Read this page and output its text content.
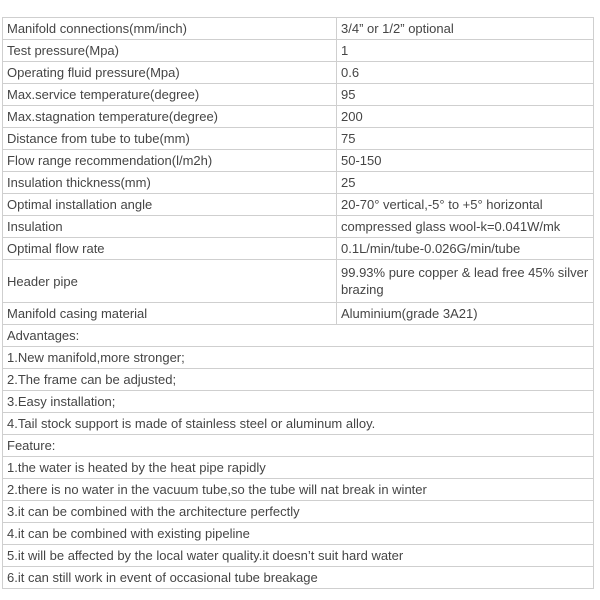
Manifold connections(mm/inch)	3/4” or 1/2” optional
Test pressure(Mpa)	1
Operating fluid pressure(Mpa)	0.6
Max.service temperature(degree)	95
Max.stagnation temperature(degree)	200
Distance from tube to tube(mm)	75
Flow range recommendation(l/m2h)	50-150
Insulation thickness(mm)	25
Optimal installation angle	20-70° vertical,-5° to +5° horizontal
Insulation	compressed glass wool-k=0.041W/mk
Optimal flow rate	0.1L/min/tube-0.026G/min/tube
Header pipe	99.93% pure copper & lead free 45% silver brazing
Manifold casing material	Aluminium(grade 3A21)
Advantages:	
1.New manifold,more stronger;	
2.The frame can be adjusted;	
3.Easy installation;	
4.Tail stock support is made of stainless steel or aluminum alloy.	
Feature:	
1.the water is heated by the heat pipe rapidly	
2.there is no water in the vacuum tube,so the tube will nat break in winter	
3.it can be combined with the architecture perfectly	
4.it can be combined with existing pipeline	
5.it will be affected by the local water quality.it doesn’t suit hard water	
6.it can still work in event of occasional tube breakage	
